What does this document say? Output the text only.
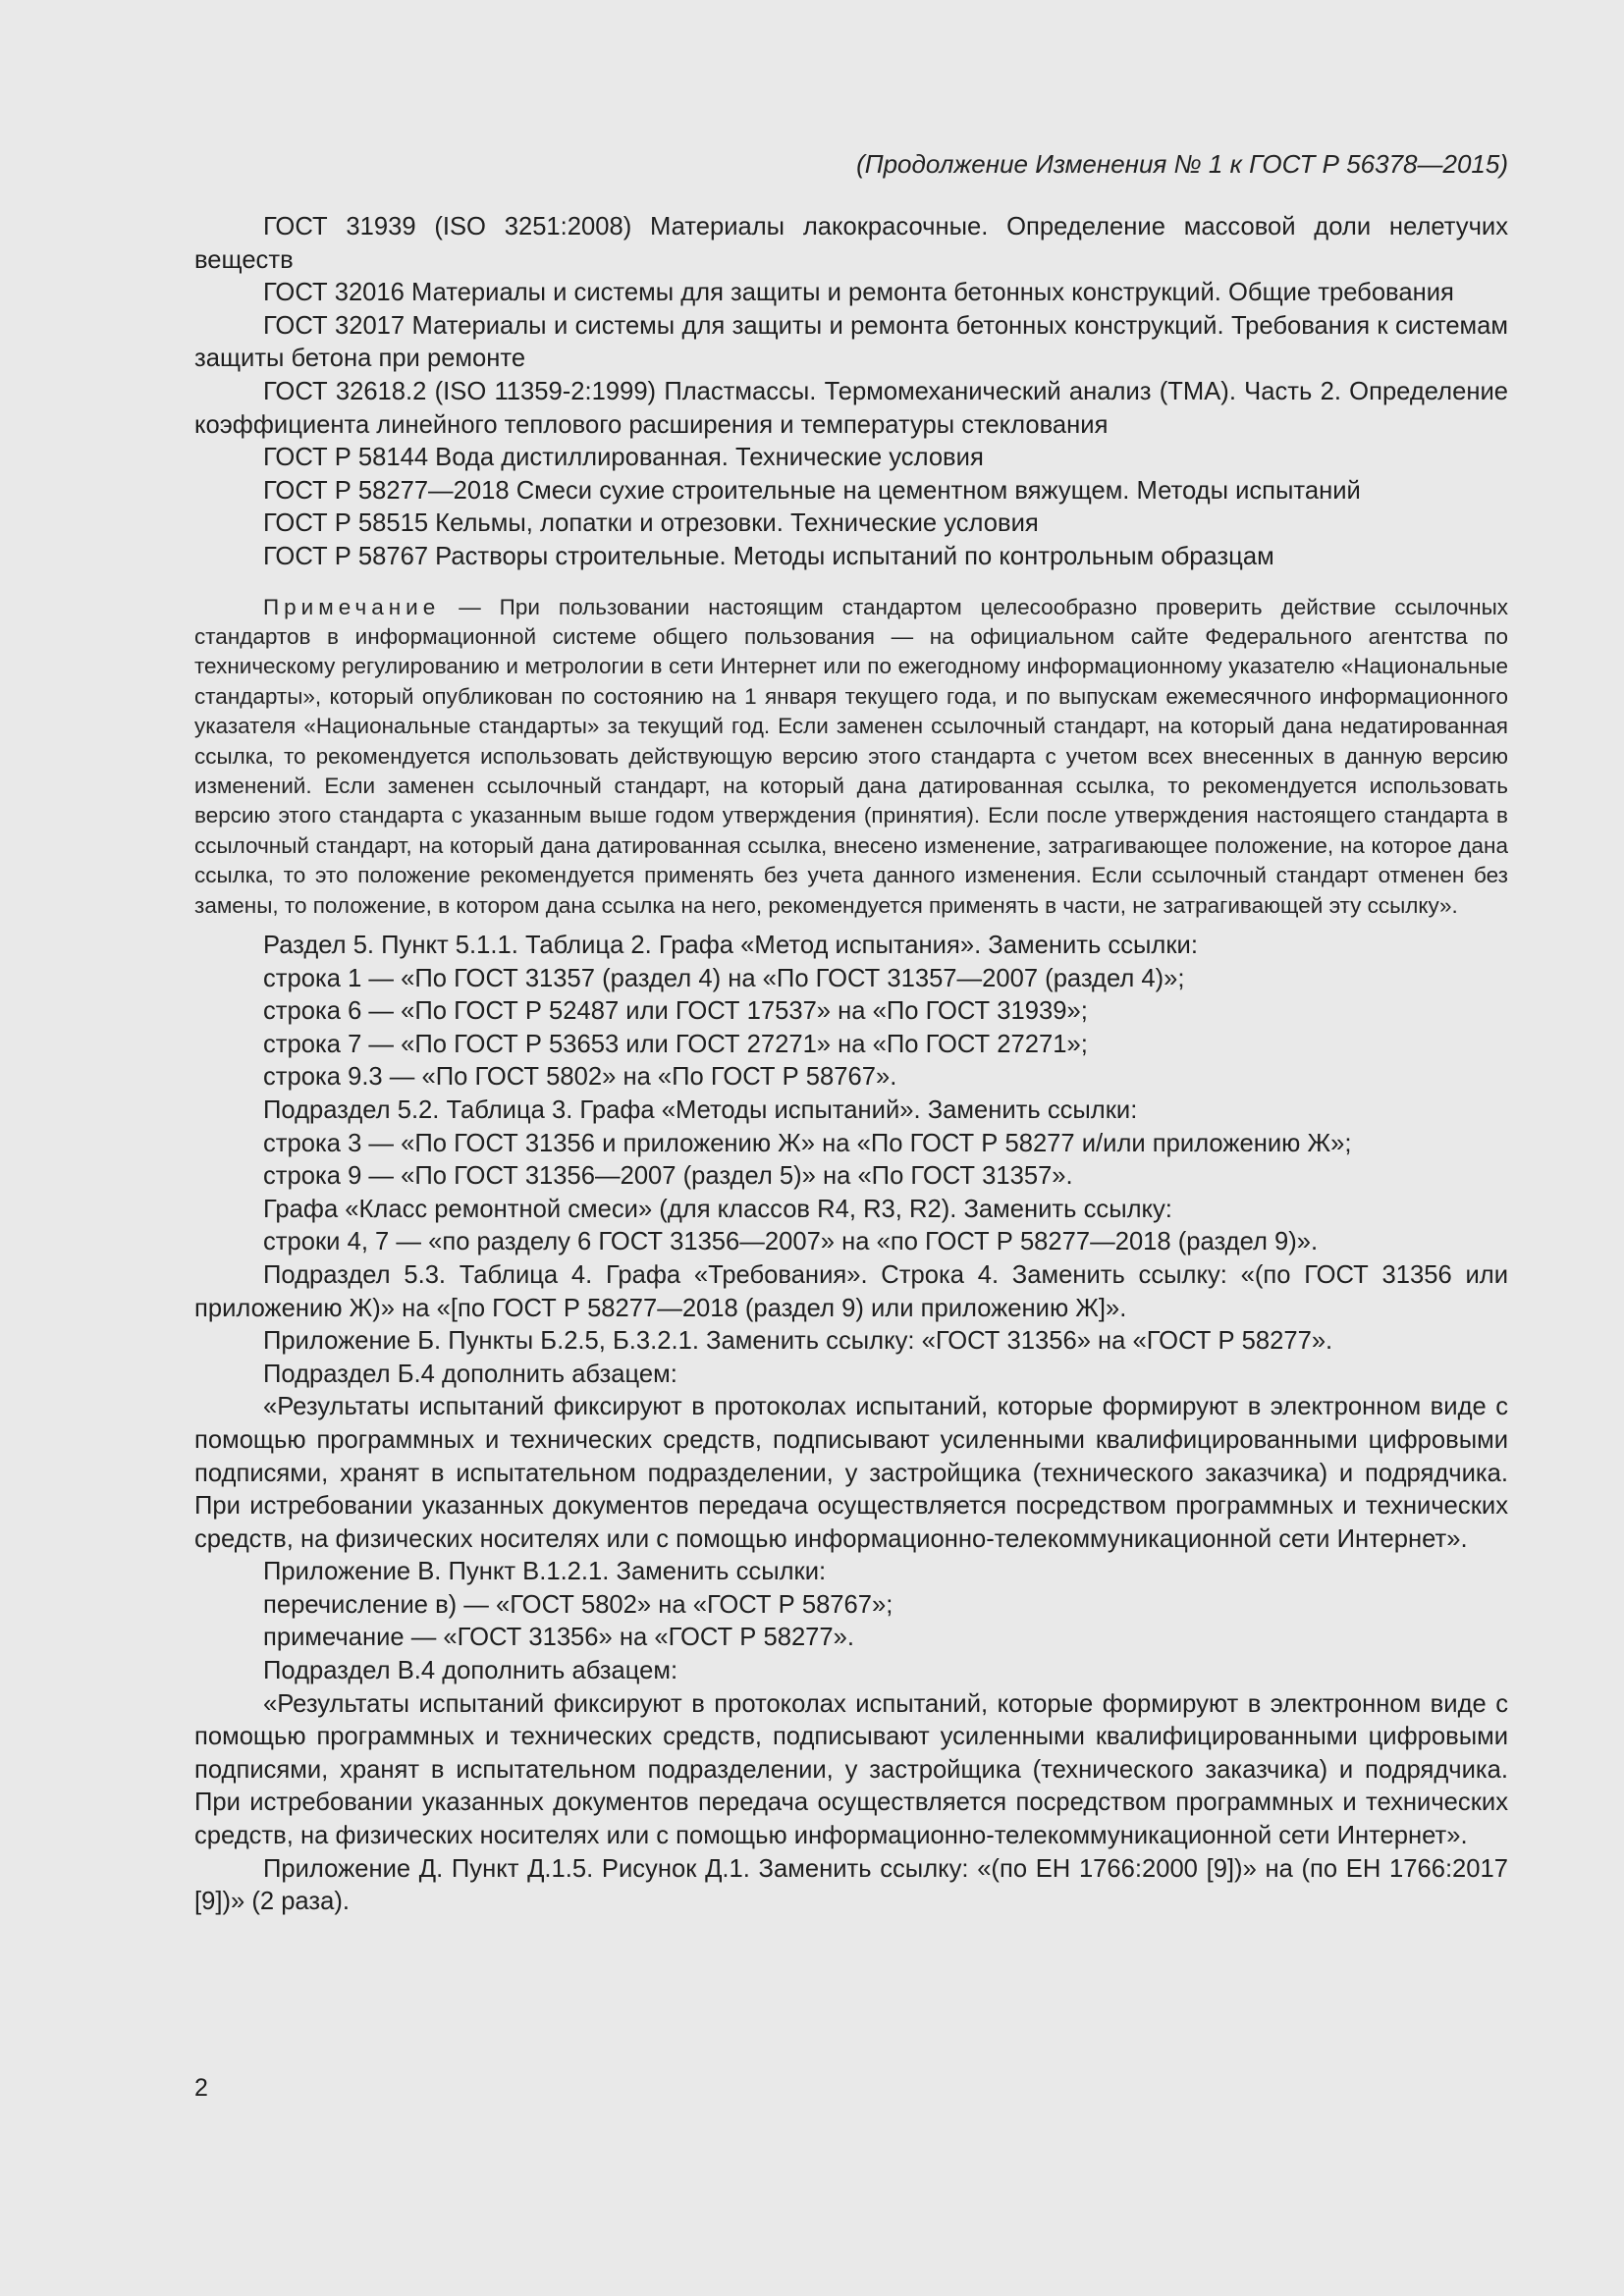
(Продолжение Изменения № 1 к ГОСТ Р 56378—2015)

ГОСТ 31939 (ISO 3251:2008) Материалы лакокрасочные. Определение массовой доли нелетучих веществ

ГОСТ 32016 Материалы и системы для защиты и ремонта бетонных конструкций. Общие требования

ГОСТ 32017 Материалы и системы для защиты и ремонта бетонных конструкций. Требования к системам защиты бетона при ремонте

ГОСТ 32618.2 (ISO 11359-2:1999) Пластмассы. Термомеханический анализ (ТМА). Часть 2. Определение коэффициента линейного теплового расширения и температуры стеклования

ГОСТ Р 58144 Вода дистиллированная. Технические условия

ГОСТ Р 58277—2018 Смеси сухие строительные на цементном вяжущем. Методы испытаний

ГОСТ Р 58515 Кельмы, лопатки и отрезовки. Технические условия

ГОСТ Р 58767 Растворы строительные. Методы испытаний по контрольным образцам

Примечание — При пользовании настоящим стандартом целесообразно проверить действие ссылочных стандартов в информационной системе общего пользования — на официальном сайте Федерального агентства по техническому регулированию и метрологии в сети Интернет или по ежегодному информационному указателю «Национальные стандарты», который опубликован по состоянию на 1 января текущего года, и по выпускам ежемесячного информационного указателя «Национальные стандарты» за текущий год. Если заменен ссылочный стандарт, на который дана недатированная ссылка, то рекомендуется использовать действующую версию этого стандарта с учетом всех внесенных в данную версию изменений. Если заменен ссылочный стандарт, на который дана датированная ссылка, то рекомендуется использовать версию этого стандарта с указанным выше годом утверждения (принятия). Если после утверждения настоящего стандарта в ссылочный стандарт, на который дана датированная ссылка, внесено изменение, затрагивающее положение, на которое дана ссылка, то это положение рекомендуется применять без учета данного изменения. Если ссылочный стандарт отменен без замены, то положение, в котором дана ссылка на него, рекомендуется применять в части, не затрагивающей эту ссылку».

Раздел 5. Пункт 5.1.1. Таблица 2. Графа «Метод испытания». Заменить ссылки:

строка 1 — «По ГОСТ 31357 (раздел 4) на «По ГОСТ 31357—2007 (раздел 4)»;

строка 6 — «По ГОСТ Р 52487 или ГОСТ 17537» на «По ГОСТ 31939»;

строка 7 — «По ГОСТ Р 53653 или ГОСТ 27271» на «По ГОСТ 27271»;

строка 9.3 — «По ГОСТ 5802» на «По ГОСТ Р 58767».

Подраздел 5.2. Таблица 3. Графа «Методы испытаний». Заменить ссылки:

строка 3 — «По ГОСТ 31356 и приложению Ж» на «По ГОСТ Р 58277 и/или приложению Ж»;

строка 9 — «По ГОСТ 31356—2007 (раздел 5)» на «По ГОСТ 31357».

Графа «Класс ремонтной смеси» (для классов R4, R3, R2). Заменить ссылку:

строки 4, 7 — «по разделу 6 ГОСТ 31356—2007» на «по ГОСТ Р 58277—2018 (раздел 9)».

Подраздел 5.3. Таблица 4. Графа «Требования». Строка 4. Заменить ссылку: «(по ГОСТ 31356 или приложению Ж)» на «[по ГОСТ Р 58277—2018 (раздел 9) или приложению Ж]».

Приложение Б. Пункты Б.2.5, Б.3.2.1. Заменить ссылку: «ГОСТ 31356» на «ГОСТ Р 58277».

Подраздел Б.4 дополнить абзацем:

«Результаты испытаний фиксируют в протоколах испытаний, которые формируют в электронном виде с помощью программных и технических средств, подписывают усиленными квалифицированными цифровыми подписями, хранят в испытательном подразделении, у застройщика (технического заказчика) и подрядчика. При истребовании указанных документов передача осуществляется посредством программных и технических средств, на физических носителях или с помощью информационно-телекоммуникационной сети Интернет».

Приложение В. Пункт В.1.2.1. Заменить ссылки:

перечисление в) — «ГОСТ 5802» на «ГОСТ Р 58767»;

примечание — «ГОСТ 31356» на «ГОСТ Р 58277».

Подраздел В.4 дополнить абзацем:

«Результаты испытаний фиксируют в протоколах испытаний, которые формируют в электронном виде с помощью программных и технических средств, подписывают усиленными квалифицированными цифровыми подписями, хранят в испытательном подразделении, у застройщика (технического заказчика) и подрядчика. При истребовании указанных документов передача осуществляется посредством программных и технических средств, на физических носителях или с помощью информационно-телекоммуникационной сети Интернет».

Приложение Д. Пункт Д.1.5. Рисунок Д.1. Заменить ссылку: «(по ЕН 1766:2000 [9])» на (по ЕН 1766:2017 [9])» (2 раза).

2
